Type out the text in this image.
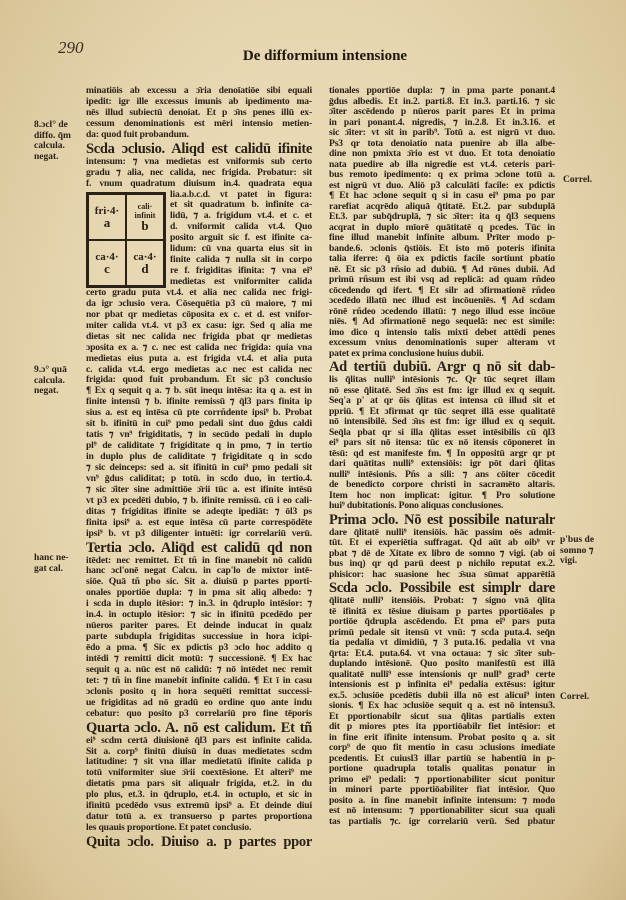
290	De difformium intensione
minatiōis ab excessu a ɔ̄ria denoīatiōe sibi equali
ipedit: igr ille excessus imunis ab ipedimento ma-
nēs illud subiectū denoiat. Et p ɔ̄ns penes illū ex-
cessum denominationis est mēri intensio metien-
da: quod fuit probandum.
Scda ɔclusio. Aliqd est calidū ifinite
intensum: ⁊ vna medietas est vniformis sub certo
gradu ⁊ alia, nec calida, nec frigida. Probatur: sit
f. vnum quadratum diuisum in.4. quadrata equa
fri·4·
a
cali· infinit
b
ca·4·
c
ca·4·
d
lia.a.b.c.d. vt patet in figura:
et sit quadratum b. infinite ca-
lidū, ⁊ a. frigidum vt.4. et c. et
d. vniformit calida vt.4. Quo
posito arguit sic f. est ifinite ca-
lidum: cū vna quarta eius sit in
finite calida ⁊ nulla sit in corpo
re f. frigiditas ifinita: ⁊ vna ei⁹
medietas est vniformiter calida
certo gradu puta vt.4. et alia nec calida nec frigi-
da igr ɔclusio vera. Cōsequētia p3 cū maiore, ⁊ mi
nor pbat qr medietas cōposita ex c. et d. est vnifor-
miter calida vt.4. vt p3 ex casu: igr. Sed q alia me
dietas sit nec calida nec frigida pbat qr medietas
ɔposita ex a. ⁊ c. nec est calida nec frigida: quia vna
medietas eius puta a. est frigida vt.4. et alia puta
c. calida vt.4. ergo medietas a.c nec est calida nec
frigida: quod fuit probandum. Et sic p3 conclusio
¶ Ex q sequit q a. ⁊ b. sūt inequ intēsa: ita q a. est in
finite intensū ⁊ b. ifinite remissū ⁊ q̄l3 pars finita ip
sius a. est eq intēsa cū pte corrñdente ipsi⁹ b. Probat
sit b. ifinitū in cui⁹ pmo pedali sint duo ḡdus caldi
tatis ⁊ vn⁹ frigiditatis, ⁊ in secūdo pedali in duplo
pl⁹ de caliditate ⁊ frigiditate q in pmo, ⁊ in tertio
in duplo plus de caliditate ⁊ frigiditate q in scdo
⁊ sic deinceps: sed a. sit ifinitū in cui⁹ pmo pedali sit
vn⁹ ḡdus caliditat; p totū. in scdo duo, in tertio.4.
⁊ sic ɔ̄iter sine admittiōe ɔ̄rii tūc a. est ifinite intēsū
vt p3 ex pcedēti dubio, ⁊ b. ifinite remissū. cū i eo cali-
ditas ⁊ frigiditas ifinite se adeqte ipediāt: ⁊ ōl3 ps
finita ipsi⁹ a. est eque intēsa cū parte correspōdēte
ipsi⁹ b. vt p3 diligenter intuēti: igr correlariū verū.
Tertia ɔclo. Aliq̄d est calidū qd non
itēdet: nec remittet. Et tñ in fine manebit nō calidū
hanc ɔcl'onē negat Calcu. in cap'lo de mixtor intē-
siōe. Quā tñ pbo sic. Sit a. diuisū p partes pporti-
onales pportiōe dupla: ⁊ in pma sit aliq albedo: ⁊
i scda in duplo itēsior: ⁊ in.3. in q̄druplo intēsior: ⁊
in.4. in octuplo itēsior: ⁊ sic in ifinitū pcedēdo per
nūeros pariter pares. Et deinde inducat in qualz
parte subdupla frigiditas successiue in hora icipi-
ēdo a pma. ¶ Sic ex pdictis p3 ɔclo hoc addito q
intēdi ⁊ remitti dicit motū: ⁊ successionē. ¶ Ex hac
sequit q a. nūc est nō calidū: ⁊ nō intēdet nec remit
tet: ⁊ tñ in fine manebit infinite calidū. ¶ Et ī in casu
ɔclonis posito q in hora sequēti remittat successi-
ue frigiditas ad nō gradū eo ordine quo ante indu
cebatur: quo posito p3 correlariū pro fine tēporis
Quarta ɔclo. A. nō est calidum. Et tñ
ei⁹ scdm certā diuisionē q̄l3 pars est infinite calida.
Sit a. corp⁹ finitū diuisū in duas medietates scdm
latitudine: ⁊ sit vna illar medietatū ifinite calida p
totū vniformiter siue ɔ̄rii coextēsione. Et alteri⁹ me
dietatis pma pars sit aliqualr frigida, et.2. in du
plo plus, et.3. in q̄druplo, et.4. in octuplo, et sic in
ifinitū pcedēdo vsus extremū ipsi⁹ a. Et deinde diui
datur totū a. ex transuerso p partes proportiona
les quauis proportione. Et patet conclusio.
Quita ɔclo. Diuiso a. p partes ppor
tionales pportiōe dupla: ⁊ in pma parte ponant.4
ḡdus albedis. Et in.2. parti.8. Et in.3. parti.16. ⁊ sic
ɔ̄iter ascēdendo p nūeros parit pares Et in prima
in pari ponant.4. nigredis, ⁊ in.2.8. Et in.3.16. et
sic ɔ̄iter: vt sit in parib⁹. Totū a. est nigrū vt duo.
Ps3 qr tota denoiatio nata puenire ab illa albe-
dine non pmixta ɔ̄rio est vt duo. Et tota denoiatio
nata puedire ab illa nigredie est vt.4. ceteris pari-
bus remoto ipedimento: q ex prima ɔclone totū a.
est nigrū vt duo. Aliō p3 calculāti facile: ex pdictis
¶ Et hac ɔclone sequit q si in casu ei⁹ pma po par
rarefiat acqrēdo aliquā q̄titatē. Et.2. par subduplā
Et.3. par subq̄druplā, ⁊ sic ɔ̄iter: ita q q̄l3 sequens
acqrat in duplo mīorē quātitatē q pcedes. Tūc in
fine illud manebit infinite album. Prīter modo p-
bande.6. ɔclonis q̄stiōis. Et isto mō poteris ifinita
talia iferre: q̄ ōia ex pdictis facile sortiunt pbatio
nē. Et sic p3 rñsio ad dubiū. ¶ Ad rōnes dubii. Ad
primū rñsum est ibi vsq ad replicā: ad quam rñdeo
cōcedendo qd ifert. ¶ Et silr ad ɔfirmationē rñdeo
ɔcedēdo illatū nec illud est incōueniēs. ¶ Ad scdam
rōnē rñdeo ɔcedendo illatū: ⁊ nego illud esse incōue
niēs. ¶ Ad ɔfirmationē nego sequelā: nec est simile:
imo dico q intensio talis mixti debet attēdi penes
excessum vnius denominationis super alteram vt
patet ex prima conclusione huius dubii.
Ad tertiū dubiū. Argr q nō sit dab-
lis q̄litas nulli⁹ intēsionis ⁊c. Qr tūc seqret illam
nō esse q̄litatē. Sed ɔ̄ns est fm: igr illud ex q sequit.
Seq'a p' at qr ōis q̄litas est intensa cū illud sit et
ppriū. ¶ Et ɔfirmat qr tūc seqret illā esse qualitatē
nō intensibilē. Sed ɔ̄ns est fm: igr illud ex q sequit.
Seq̄la pbat qr si illa q̄litas esset intēsibilis cū q̄l3
ei⁹ pars sit nō itensa: tūc ex nō itensis cōponeret in
tēsū: qd est manifeste fm. ¶ In oppositū argr qr pt
dari quātitas nulli⁹ extensiōis: igr pōt dari q̄litas
nulli⁹ intēsionis. Pñs a sili: ⁊ ans cōiter cōcedit
de benedicto corpore christi in sacramēto altaris.
Item hoc non implicat: igitur. ¶ Pro solutione
hui⁹ dubitationis. Pono aliquas conclusiones.
Prima ɔclo. Nō est possibile naturalr
dare q̄litatē nulli⁹ itensiōis. hāc passim oēs admit-
tūt. Et ei experiētia suffragat. Qd aūt ab oib⁹ vr
pbat ⁊ dē de Xitate ex libro de somno ⁊ vigi. (ab oi
bus inq) qr qd parū deest p nichilo reputat ex.2.
phisicor: hac suasione hec ɔ̄sua sūmat apparētiā
Scda ɔclo. Possibile est simplr dare
q̄litatē nulli⁹ itensiōis. Probat: ⁊ signo vnā q̄lita
tē ifinitā ex tēsiue diuisam p partes pportiōales p
portiōe q̄drupla ascēdendo. Et pma ei⁹ pars puta
primū pedale sit itensū vt vnū: ⁊ scda puta.4. seq̄n
tia pedalia vt dimidiū, ⁊ 3 puta.16. pedalia vt vna
q̄rta: Et.4. puta.64. vt vna octaua: ⁊ sic ɔ̄iter sub-
duplando intēsionē. Quo posito manifestū est illā
qualitatē nulli⁹ esse intensionis qr null⁹ grad⁹ certe
intensionis est p infinita ei⁹ pedalia extēsus: igitur
ex.5. ɔclusiōe pcedētis dubii illa nō est alicui⁹ inten
sionis. ¶ Ex hac ɔclusiōe sequit q a. est nō intensu3.
Et pportionabilr sicut sua q̄litas partialis exten
dit p miores ptes ita pportiōabilr fiet intēsior: et
in fine erit ifinite intensum. Probat posito q a. sit
corp⁹ de quo fit mentio in casu ɔclusions imediate
pcedentis. Et cuiusl3 illar partiū se habentiū in p-
portione quadrupla totalis qualitas ponatur in
primo ei⁹ pedali: ⁊ pportionabiliter sicut ponitur
in minori parte pportiōabiliter fiat intēsior. Quo
posito a. in fine manebit infinite intensum: ⁊ modo
est nō intensum: ⁊ pportionabiliter sicut sua quali
tas partialis ⁊c. igr correlariū verū. Sed pbatur
8.ɔcl° de diffo. q̄m calcula. negat.
9.ɔ° quā calcula. negat.
hanc ne- gat cal.
Correl.
p'bus de somno ⁊ vigi.
Correl.
